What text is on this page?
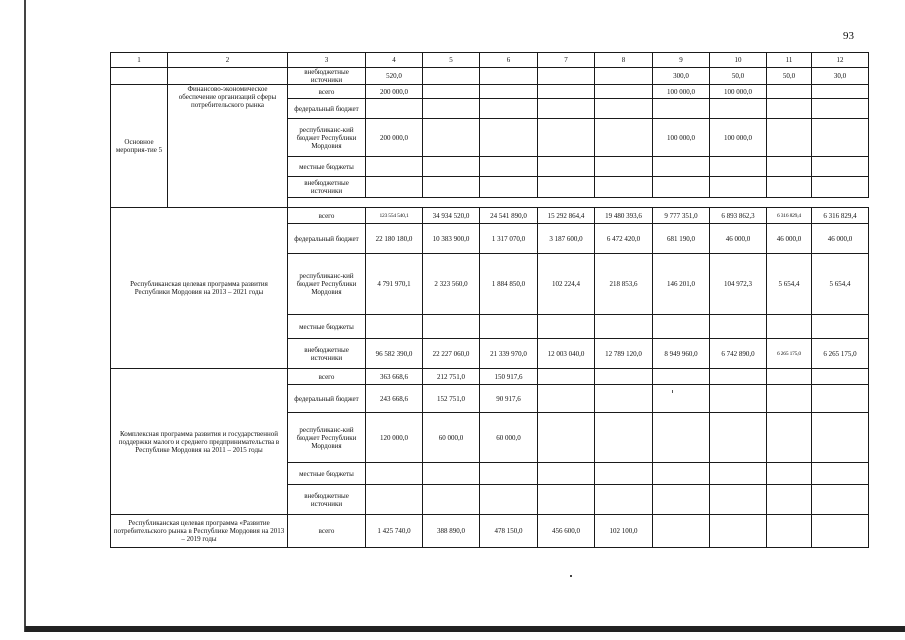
93
1	2	3	4	5	6	7	8	9	10	11	12
		внебюджетные источники	520,0					300,0	50,0	50,0	30,0
Основное мероприя-тие 5	Финансово-экономическое обеспечение организаций сферы потребительского рынка	всего	200 000,0					100 000,0	100 000,0		
		федеральный бюджет									
		республиканс-кий бюджет Республики Мордовия	200 000,0					100 000,0	100 000,0		
		местные бюджеты									
		внебюджетные источники									

Республиканская целевая программа развития Республики Мордовия на 2013 – 2021 годы		всего	123 554 540,1	34 934 520,0	24 541 890,0	15 292 864,4	19 480 393,6	9 777 351,0	6 893 862,3	6 316 829,4	6 316 829,4
		федеральный бюджет	22 180 180,0	10 383 900,0	1 317 070,0	3 187 600,0	6 472 420,0	681 190,0	46 000,0	46 000,0	46 000,0
		республиканс-кий бюджет Республики Мордовия	4 791 970,1	2 323 560,0	1 884 850,0	102 224,4	218 853,6	146 201,0	104 972,3	5 654,4	5 654,4
		местные бюджеты									
		внебюджетные источники	96 582 390,0	22 227 060,0	21 339 970,0	12 003 040,0	12 789 120,0	8 949 960,0	6 742 890,0	6 265 175,0	6 265 175,0
Комплексная программа развития и государственной поддержки малого и среднего предпринимательства в Республике Мордовия на 2011 – 2015 годы		всего	363 668,6	212 751,0	150 917,6						
		федеральный бюджет	243 668,6	152 751,0	90 917,6						
		республиканс-кий бюджет Республики Мордовия	120 000,0	60 000,0	60 000,0						
		местные бюджеты									
		внебюджетные источники									
Республиканская целевая программа «Развитие потребительского рынка в Республике Мордовия на 2013 – 2019 годы		всего	1 425 740,0	388 890,0	478 150,0	456 600,0	102 100,0				
